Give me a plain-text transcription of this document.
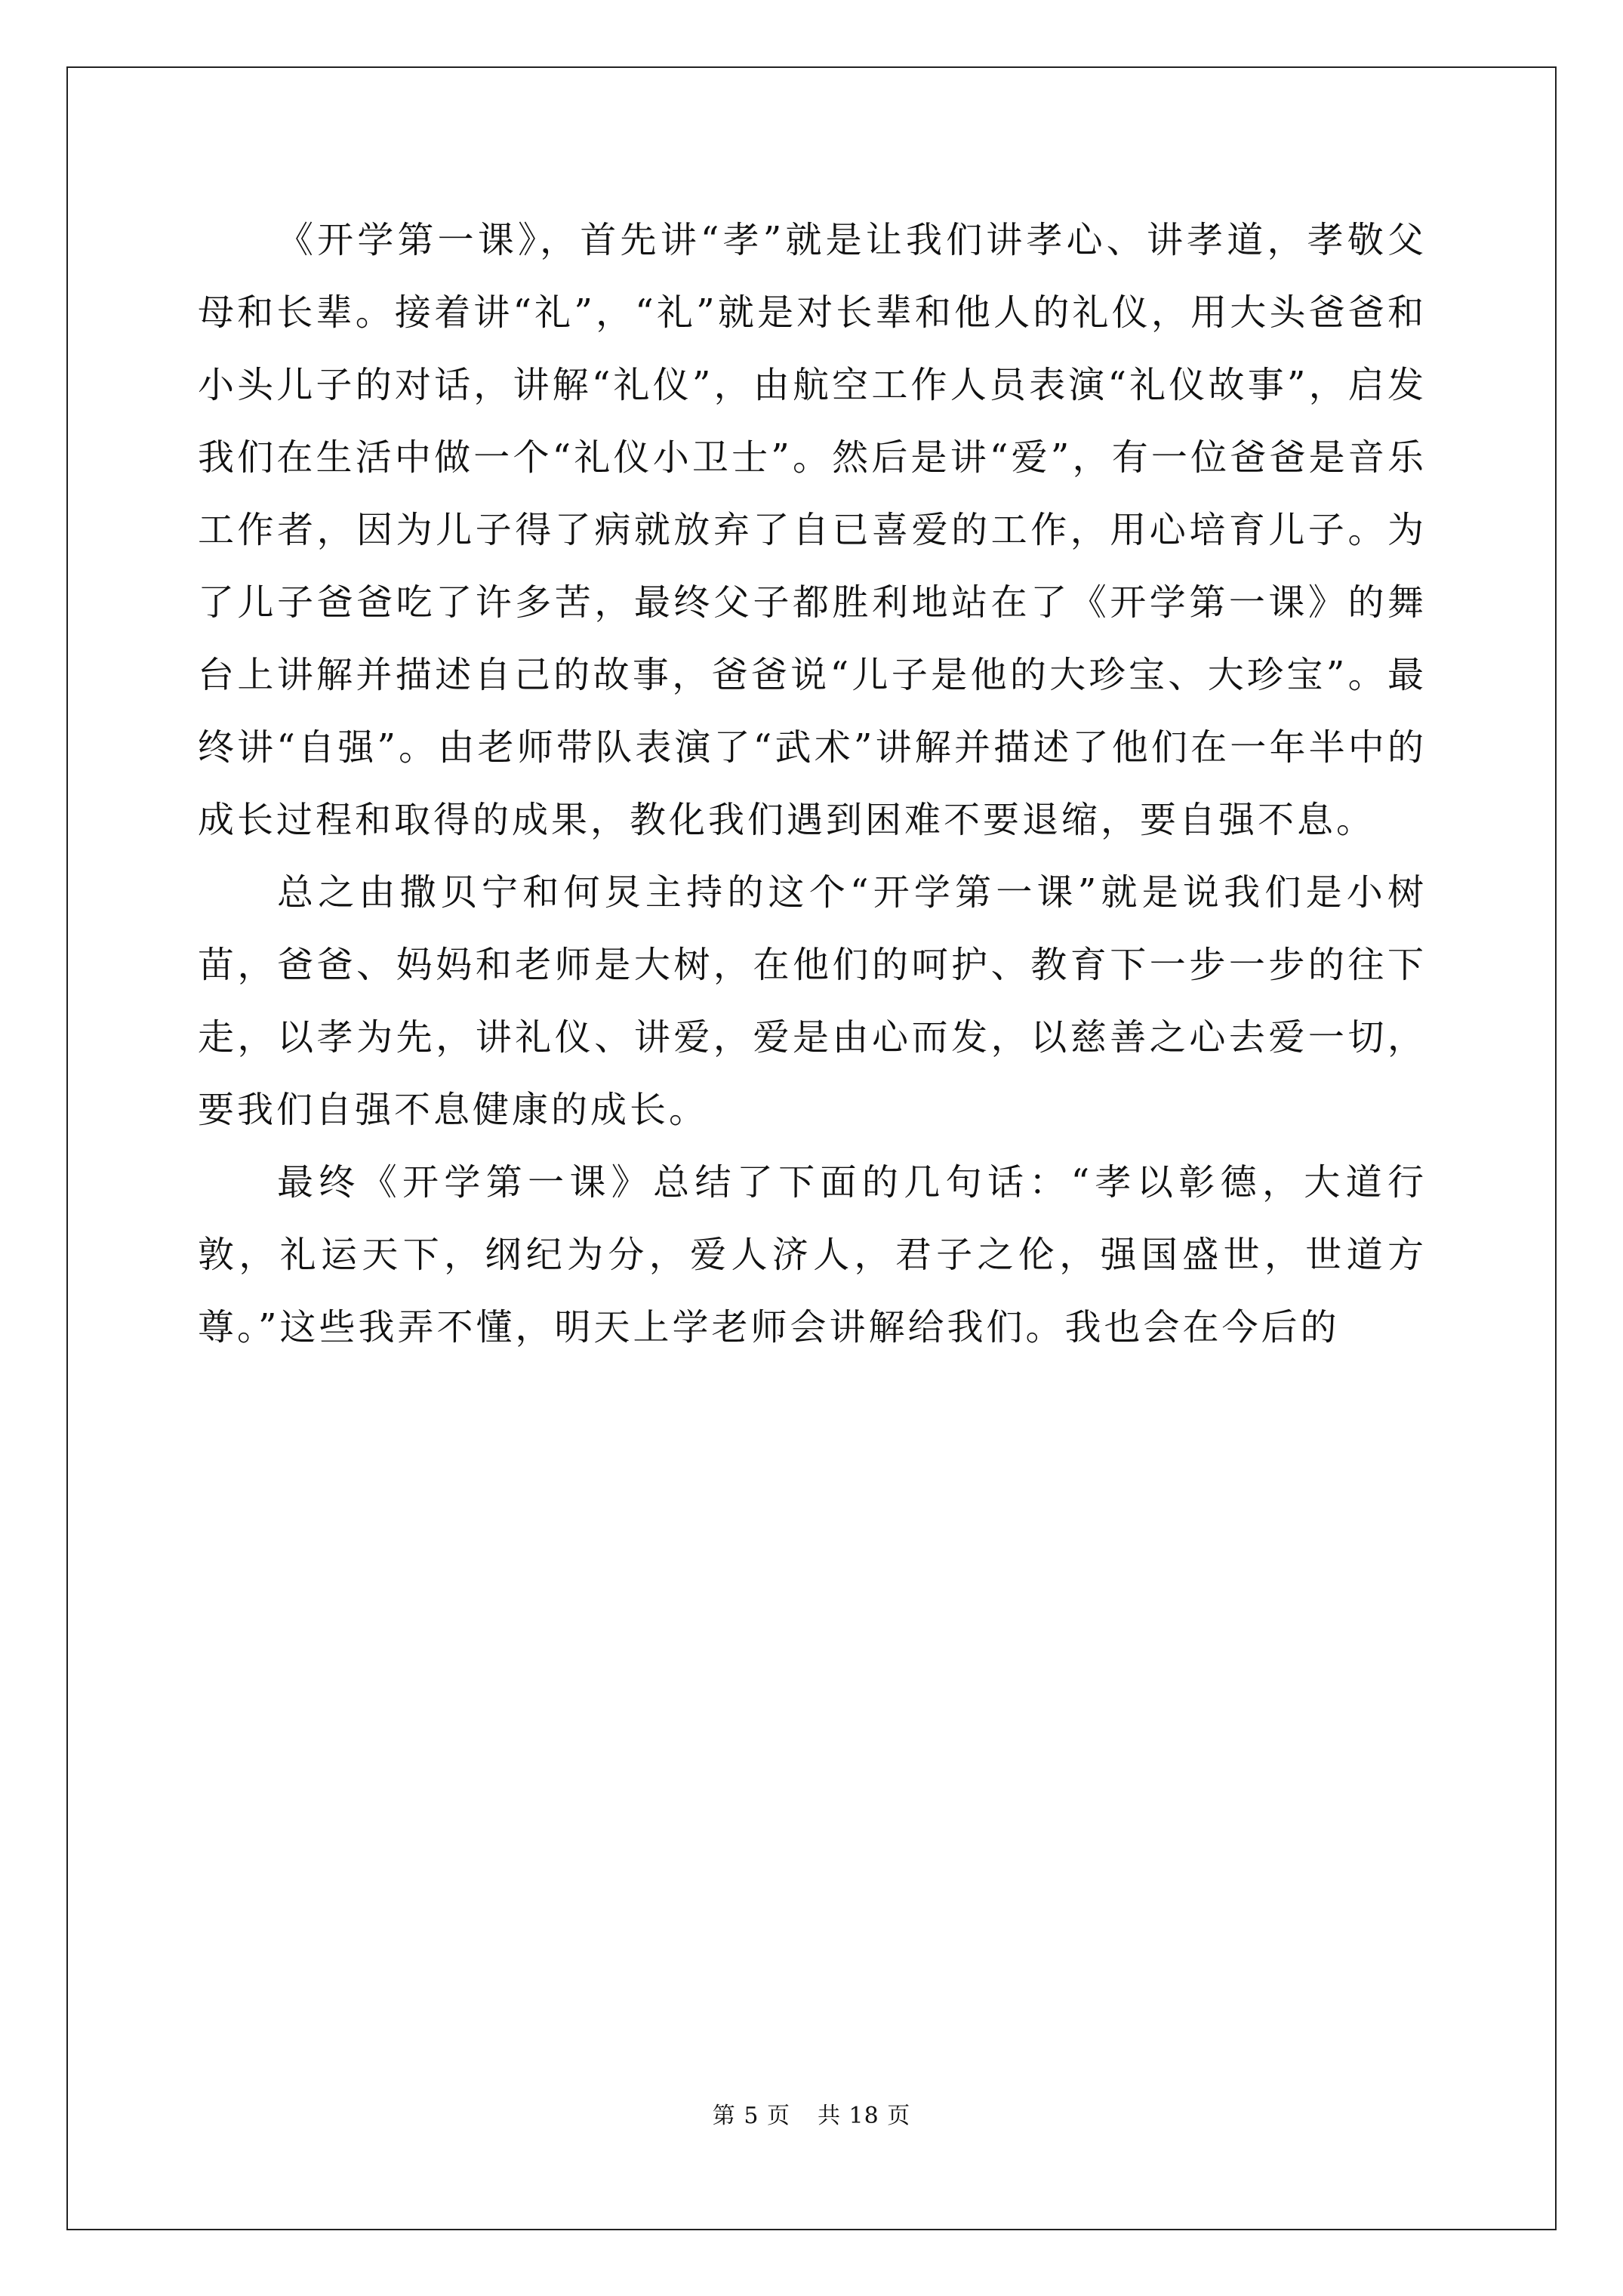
《开学第一课》，首先讲“孝”就是让我们讲孝心、讲孝道，孝敬父母和长辈。接着讲“礼”，“礼”就是对长辈和他人的礼仪，用大头爸爸和小头儿子的对话，讲解“礼仪”，由航空工作人员表演“礼仪故事”，启发我们在生活中做一个“礼仪小卫士”。然后是讲“爱”，有一位爸爸是音乐工作者，因为儿子得了病就放弃了自已喜爱的工作，用心培育儿子。为了儿子爸爸吃了许多苦，最终父子都胜利地站在了《开学第一课》的舞台上讲解并描述自己的故事，爸爸说“儿子是他的大珍宝、大珍宝”。最终讲“自强”。由老师带队表演了“武术”讲解并描述了他们在一年半中的成长过程和取得的成果，教化我们遇到困难不要退缩，要自强不息。

总之由撒贝宁和何炅主持的这个“开学第一课”就是说我们是小树苗，爸爸、妈妈和老师是大树，在他们的呵护、教育下一步一步的往下走，以孝为先，讲礼仪、讲爱，爱是由心而发，以慈善之心去爱一切，要我们自强不息健康的成长。

最终《开学第一课》总结了下面的几句话：“孝以彰德，大道行敦，礼运天下，纲纪为分，爱人济人，君子之伦，强国盛世，世道方尊。”这些我弄不懂，明天上学老师会讲解给我们。我也会在今后的

第 5 页 共 18 页
